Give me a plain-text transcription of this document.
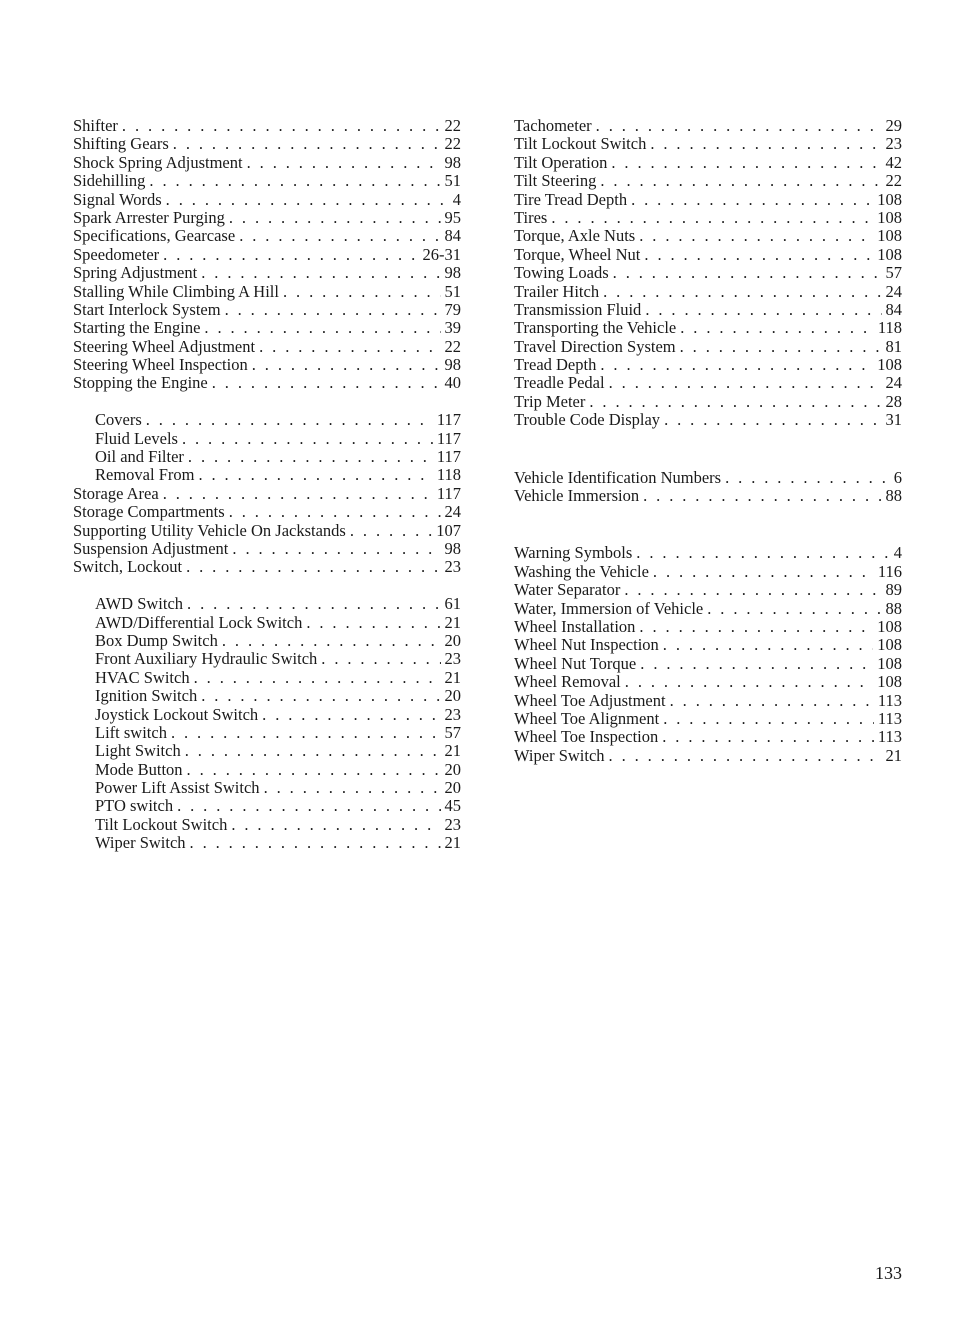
Shifter . . .	22
Shifting Gears . . .	22
Shock Spring Adjustment . . .	98
Sidehilling . . .	51
Signal Words . . .	4
Spark Arrester Purging . . .	95
Specifications, Gearcase . . .	84
Speedometer . . .	26-31
Spring Adjustment . . .	98
Stalling While Climbing A Hill . . .	51
Start Interlock System . . .	79
Starting the Engine . . .	39
Steering Wheel Adjustment . . .	22
Steering Wheel Inspection . . .	98
Stopping the Engine . . .	40
Covers . . .	117
Fluid Levels . . .	117
Oil and Filter . . .	117
Removal From . . .	118
Storage Area . . .	117
Storage Compartments . . .	24
Supporting Utility Vehicle On Jackstands . . .	107
Suspension Adjustment . . .	98
Switch, Lockout . . .	23
AWD Switch . . .	61
AWD/Differential Lock Switch . . .	21
Box Dump Switch . . .	20
Front Auxiliary Hydraulic Switch . . .	23
HVAC Switch . . .	21
Ignition Switch . . .	20
Joystick Lockout Switch . . .	23
Lift switch . . .	57
Light Switch . . .	21
Mode Button . . .	20
Power Lift Assist Switch . . .	20
PTO switch . . .	45
Tilt Lockout Switch . . .	23
Wiper Switch . . .	21
Tachometer . . .	29
Tilt Lockout Switch . . .	23
Tilt Operation . . .	42
Tilt Steering . . .	22
Tire Tread Depth . . .	108
Tires . . .	108
Torque, Axle Nuts . . .	108
Torque, Wheel Nut . . .	108
Towing Loads . . .	57
Trailer Hitch . . .	24
Transmission Fluid . . .	84
Transporting the Vehicle . . .	118
Travel Direction System . . .	81
Tread Depth . . .	108
Treadle Pedal . . .	24
Trip Meter . . .	28
Trouble Code Display . . .	31
Vehicle Identification Numbers . . .	6
Vehicle Immersion . . .	88
Warning Symbols . . .	4
Washing the Vehicle . . .	116
Water Separator . . .	89
Water, Immersion of Vehicle . . .	88
Wheel Installation . . .	108
Wheel Nut Inspection . . .	108
Wheel Nut Torque . . .	108
Wheel Removal . . .	108
Wheel Toe Adjustment . . .	113
Wheel Toe Alignment . . .	113
Wheel Toe Inspection . . .	113
Wiper Switch . . .	21
133
